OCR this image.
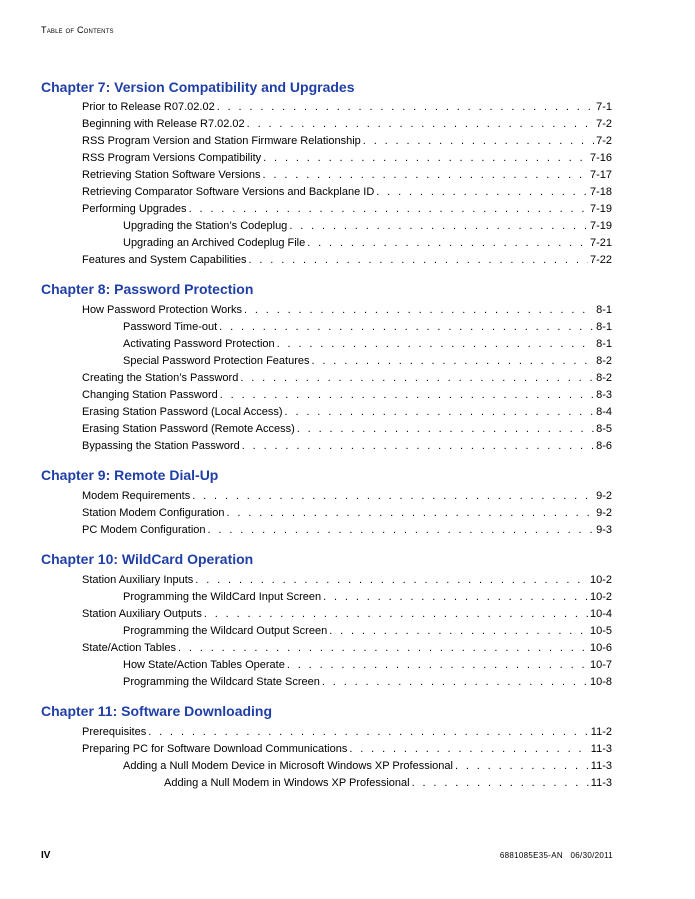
Table of Contents
Chapter 7: Version Compatibility and Upgrades
Prior to Release R07.02.02 . . .	7-1
Beginning with Release R7.02.02 . . .	7-2
RSS Program Version and Station Firmware Relationship . . .	7-2
RSS Program Versions Compatibility . . .	7-16
Retrieving Station Software Versions . . .	7-17
Retrieving Comparator Software Versions and Backplane ID . . .	7-18
Performing Upgrades . . .	7-19
Upgrading the Station’s Codeplug . . .	7-19
Upgrading an Archived Codeplug File . . .	7-21
Features and System Capabilities . . .	7-22
Chapter 8: Password Protection
How Password Protection Works . . .	8-1
Password Time-out . . .	8-1
Activating Password Protection . . .	8-1
Special Password Protection Features . . .	8-2
Creating the Station’s Password . . .	8-2
Changing Station Password . . .	8-3
Erasing Station Password (Local Access) . . .	8-4
Erasing Station Password (Remote Access) . . .	8-5
Bypassing the Station Password . . .	8-6
Chapter 9: Remote Dial-Up
Modem Requirements . . .	9-2
Station Modem Configuration . . .	9-2
PC Modem Configuration . . .	9-3
Chapter 10: WildCard Operation
Station Auxiliary Inputs . . .	10-2
Programming the WildCard Input Screen . . .	10-2
Station Auxiliary Outputs . . .	10-4
Programming the Wildcard Output Screen . . .	10-5
State/Action Tables . . .	10-6
How State/Action Tables Operate . . .	10-7
Programming the Wildcard State Screen . . .	10-8
Chapter 11: Software Downloading
Prerequisites . . .	11-2
Preparing PC for Software Download Communications . . .	11-3
Adding a Null Modem Device in Microsoft Windows XP Professional . . .	11-3
Adding a Null Modem in Windows XP Professional . . .	11-3
IV	6881085E35-AN 06/30/2011
